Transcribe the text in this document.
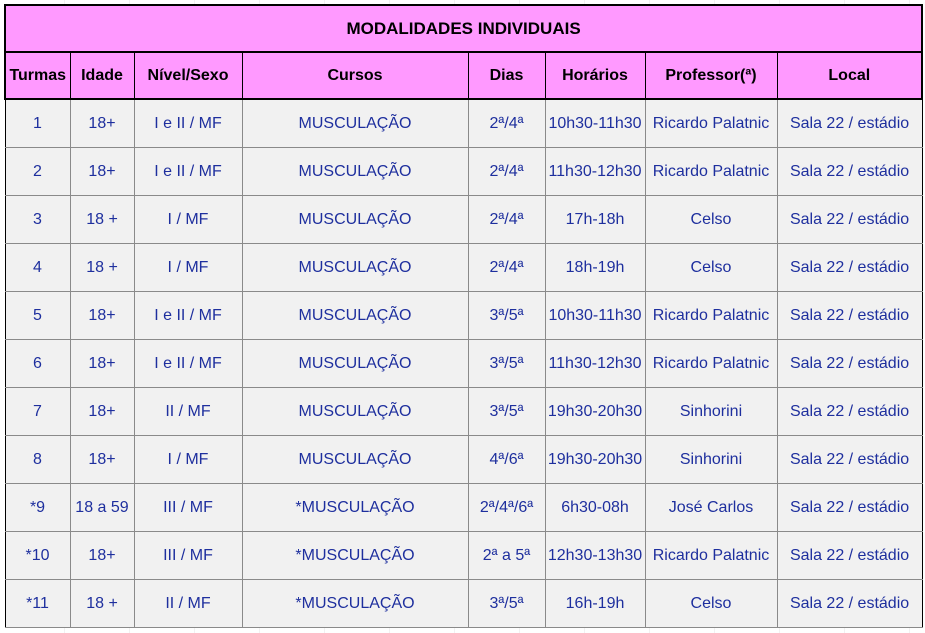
MODALIDADES INDIVIDUAIS							
Turmas	Idade	Nível/Sexo	Cursos	Dias	Horários	Professor(ª)	Local
1	18+	I e II / MF	MUSCULAÇÃO	2ª/4ª	10h30-11h30	Ricardo Palatnic	Sala 22 / estádio
2	18+	I e II / MF	MUSCULAÇÃO	2ª/4ª	11h30-12h30	Ricardo Palatnic	Sala 22 / estádio
3	18 +	I / MF	MUSCULAÇÃO	2ª/4ª	17h-18h	Celso	Sala 22 / estádio
4	18 +	I / MF	MUSCULAÇÃO	2ª/4ª	18h-19h	Celso	Sala 22 / estádio
5	18+	I e II / MF	MUSCULAÇÃO	3ª/5ª	10h30-11h30	Ricardo Palatnic	Sala 22 / estádio
6	18+	I e II / MF	MUSCULAÇÃO	3ª/5ª	11h30-12h30	Ricardo Palatnic	Sala 22 / estádio
7	18+	II / MF	MUSCULAÇÃO	3ª/5ª	19h30-20h30	Sinhorini	Sala 22 / estádio
8	18+	I / MF	MUSCULAÇÃO	4ª/6ª	19h30-20h30	Sinhorini	Sala 22 / estádio
*9	18 a 59	III / MF	*MUSCULAÇÃO	2ª/4ª/6ª	6h30-08h	José Carlos	Sala 22 / estádio
*10	18+	III / MF	*MUSCULAÇÃO	2ª a 5ª	12h30-13h30	Ricardo Palatnic	Sala 22 / estádio
*11	18 +	II / MF	*MUSCULAÇÃO	3ª/5ª	16h-19h	Celso	Sala 22 / estádio
